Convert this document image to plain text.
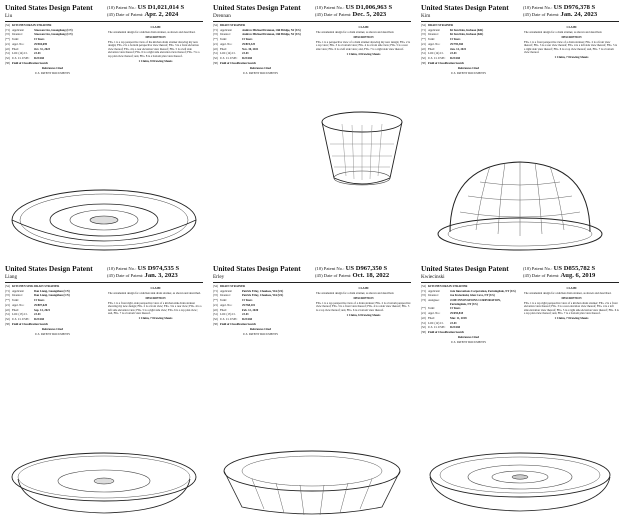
United States Design Patent
Liu
(10) Patent No.: US D1,021,014 S
(45) Date of Patent: Apr. 2, 2024
(54) KITCHEN DRAIN STRAINER
(71) Applicant:	Xiaowen Liu, Guangdong (CN)
(72) Inventor:	Xiaowen Liu, Guangdong (CN)
(**) Term:	15 Years
(21) Appl. No.:	29/904,699
(22) Filed:	Oct. 31, 2023
(51) LOC (14) Cl.	23-01
(52) U.S. Cl. USPC	D23/260
(58) Field of Classification Search
References Cited
U.S. PATENT DOCUMENTS
CLAIM
The ornamental design for a kitchen drain strainer, as shown and described.
DESCRIPTION
FIG. 1 is a top perspective view of the kitchen drain strainer showing my new design; FIG. 2 is a bottom perspective view thereof; FIG. 3 is a front elevation view thereof; FIG. 4 is a rear elevation view thereof; FIG. 5 is a left side elevation view thereof; FIG. 6 is a right side elevation view thereof; FIG. 7 is a top plan view thereof; and, FIG. 8 is a bottom plan view thereof.
1 Claim, 8 Drawing Sheets
United States Design Patent
Drennan
(10) Patent No.: US D1,006,963 S
(45) Date of Patent: Dec. 5, 2023
(54) DRAIN STRAINER
(71) Applicant:	Andrew Michael Drennan, Old Bridge, NJ (US)
(72) Inventor:	Andrew Michael Drennan, Old Bridge, NJ (US)
(**) Term:	15 Years
(21) Appl. No.:	29/819,325
(22) Filed:	Nov. 30, 2021
(51) LOC (14) Cl.	23-01
(52) U.S. Cl. USPC	D23/260
(58) Field of Classification Search
References Cited
U.S. PATENT DOCUMENTS
CLAIM
The ornamental design for a drain strainer, as shown and described.
DESCRIPTION
FIG. 1 is a perspective view of a drain strainer showing my new design; FIG. 2 is a top view; FIG. 3 is a bottom view; FIG. 4 is a front side view; FIG. 5 is a rear side view; FIG. 6 is a left side view; and, FIG. 7 is a right side view thereof.
1 Claim, 4 Drawing Sheets
United States Design Patent
Kim
(10) Patent No.: US D976,378 S
(45) Date of Patent: Jan. 24, 2023
(54) DRAIN STRAINER
(71) Applicant:	Ki Sun Kim, Incheon (KR)
(72) Inventor:	Ki Sun Kim, Incheon (KR)
(**) Term:	15 Years
(21) Appl. No.:	29/795,360
(22) Filed:	Jun. 14, 2021
(51) LOC (14) Cl.	23-01
(52) U.S. Cl. USPC	D23/260
(58) Field of Classification Search
References Cited
U.S. PATENT DOCUMENTS
CLAIM
The ornamental design for a drain strainer, as shown and described.
DESCRIPTION
FIG. 1 is a front perspective view of a drain strainer; FIG. 2 is a front view thereof; FIG. 3 is a rear view thereof; FIG. 4 is a left side view thereof; FIG. 5 is a right side view thereof; FIG. 6 is a top view thereof; and, FIG. 7 is a bottom view thereof.
1 Claim, 7 Drawing Sheets
United States Design Patent
Liang
(10) Patent No.: US D974,535 S
(45) Date of Patent: Jan. 3, 2023
(54) KITCHEN SINK DRAIN STRAINER
(71) Applicant:	Dan Liang, Guangzhou (CN)
(72) Inventor:	Dan Liang, Guangzhou (CN)
(**) Term:	15 Years
(21) Appl. No.:	29/807,620
(22) Filed:	Sep. 14, 2021
(51) LOC (13) Cl.	23-01
(52) U.S. Cl. USPC	D23/260
(58) Field of Classification Search
References Cited
U.S. PATENT DOCUMENTS
CLAIM
The ornamental design for a kitchen sink drain strainer, as shown and described.
DESCRIPTION
FIG. 1 is a front right, side perspective view of a kitchen sink drain strainer showing my new design; FIG. 2 is a front view; FIG. 3 is a rear view; FIG. 4 is a left side elevation view; FIG. 5 is a right side view; FIG. 6 is a top plan view; and, FIG. 7 is a bottom view thereof.
1 Claim, 7 Drawing Sheets
United States Design Patent
Erley
(10) Patent No.: US D967,350 S
(45) Date of Patent: Oct. 18, 2022
(54) DRAIN STRAINER
(71) Applicant:	Patrick Erley, Chealsea, WA (US)
(72) Inventor:	Patrick Erley, Chealsea, WA (US)
(**) Term:	15 Years
(21) Appl. No.:	29/768,101
(22) Filed:	Feb. 12, 2020
(51) LOC (13) Cl.	23-01
(52) U.S. Cl. USPC	D23/260
(58) Field of Classification Search
References Cited
U.S. PATENT DOCUMENTS
CLAIM
The ornamental design for a drain strainer, as shown and described.
DESCRIPTION
FIG. 1 is a top perspective view of a drain strainer; FIG. 2 is a bottom perspective view thereof; FIG. 3 is a front view thereof; FIG. 4 is a side view thereof; FIG. 5 is a top view thereof; and, FIG. 6 is a bottom view thereof.
1 Claim, 6 Drawing Sheets
United States Design Patent
Kwiecinski
(10) Patent No.: US D855,782 S
(45) Date of Patent: Aug. 6, 2019
(54) KITCHEN DRAIN STRAINER
(71) Applicant:	Joie Innovations Corporation, Farmingdale, NY (US)
(72) Inventor:	Joe Kwiecinski, Glen Cove, NY (US)
(73) Assignee:	JOIE INNOVATIONS CORPORATION, Farmingdale, NY (US)
(**) Term:	15 Years
(21) Appl. No.:	29/659,818
(22) Filed:	Mar. 11, 2018
(51) LOC (12) Cl.	23-01
(52) U.S. Cl. USPC	D23/260
(58) Field of Classification Search
References Cited
U.S. PATENT DOCUMENTS
CLAIM
The ornamental design for a kitchen drain strainer, as shown and described.
DESCRIPTION
FIG. 1 is a top right perspective view of a kitchen drain strainer; FIG. 2 is a front elevation view thereof; FIG. 3 is a rear elevation view thereof; FIG. 4 is a left side elevation view thereof; FIG. 5 is a right side elevation view thereof; FIG. 6 is a top plan view thereof; and, FIG. 7 is a bottom plan view thereof.
1 Claim, 7 Drawing Sheets
